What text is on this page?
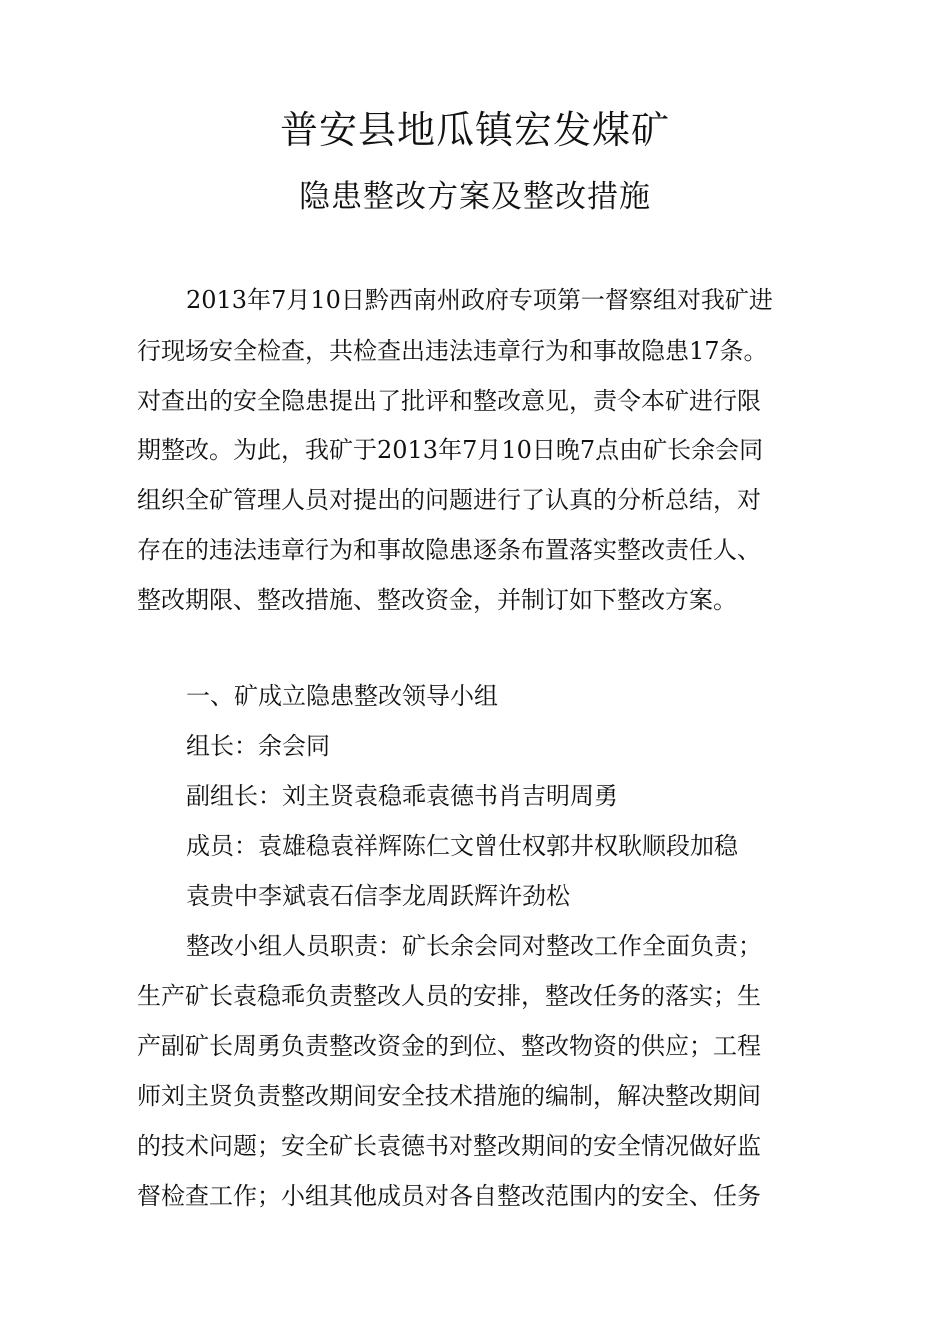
普安县地瓜镇宏发煤矿
隐患整改方案及整改措施
2013年7月10日黔西南州政府专项第一督察组对我矿进
行现场安全检查，共检查出违法违章行为和事故隐患17条。
对查出的安全隐患提出了批评和整改意见，责令本矿进行限
期整改。为此，我矿于2013年7月10日晚7点由矿长余会同
组织全矿管理人员对提出的问题进行了认真的分析总结，对
存在的违法违章行为和事故隐患逐条布置落实整改责任人、
整改期限、整改措施、整改资金，并制订如下整改方案。
一、矿成立隐患整改领导小组
组长：余会同
副组长：刘主贤袁稳乖袁德书肖吉明周勇
成员：袁雄稳袁祥辉陈仁文曾仕权郭井权耿顺段加稳
袁贵中李斌袁石信李龙周跃辉许劲松
整改小组人员职责：矿长余会同对整改工作全面负责；
生产矿长袁稳乖负责整改人员的安排，整改任务的落实；生
产副矿长周勇负责整改资金的到位、整改物资的供应；工程
师刘主贤负责整改期间安全技术措施的编制，解决整改期间
的技术问题；安全矿长袁德书对整改期间的安全情况做好监
督检查工作；小组其他成员对各自整改范围内的安全、任务
